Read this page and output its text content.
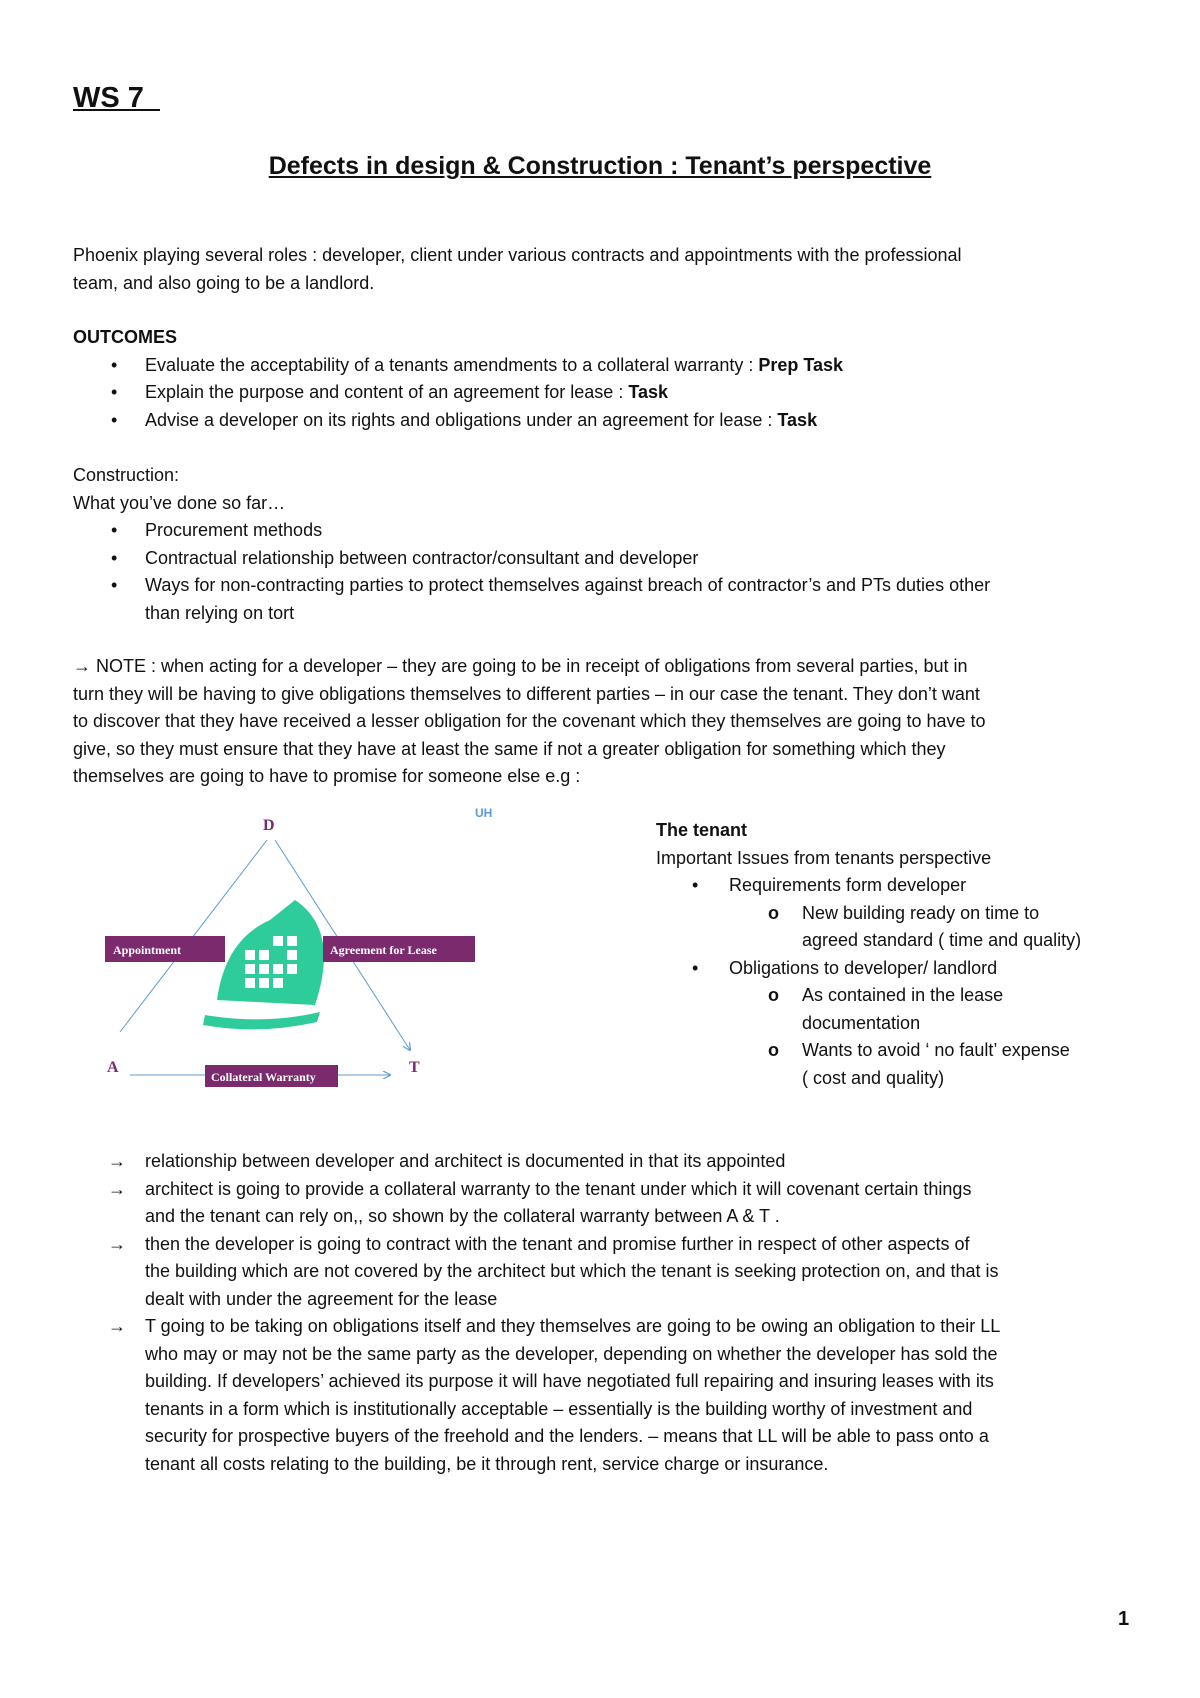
WS 7
Defects in design & Construction : Tenant’s perspective
Phoenix playing several roles : developer, client under various contracts and appointments with the professional
team, and also going to be a landlord.
OUTCOMES
• Evaluate the acceptability of a tenants amendments to a collateral warranty : Prep Task
• Explain the purpose and content of an agreement for lease : Task
• Advise a developer on its rights and obligations under an agreement for lease : Task
Construction:
What you’ve done so far…
• Procurement methods
• Contractual relationship between contractor/consultant and developer
• Ways for non-contracting parties to protect themselves against breach of contractor’s and PTs duties other
than relying on tort
→ NOTE : when acting for a developer – they are going to be in receipt of obligations from several parties, but in
turn they will be having to give obligations themselves to different parties – in our case the tenant. They don’t want
to discover that they have received a lesser obligation for the covenant which they themselves are going to have to
give, so they must ensure that they have at least the same if not a greater obligation for something which they
themselves are going to have to promise for someone else e.g :
Appointment	Agreement for Lease
Collateral Warranty
D
A	T
UH
The tenant
Important Issues from tenants perspective
• Requirements form developer
o New building ready on time to
agreed standard ( time and quality)
• Obligations to developer/ landlord
o As contained in the lease
documentation
o Wants to avoid ‘ no fault’ expense
( cost and quality)
→ relationship between developer and architect is documented in that its appointed
→ architect is going to provide a collateral warranty to the tenant under which it will covenant certain things
and the tenant can rely on,, so shown by the collateral warranty between A & T .
→ then the developer is going to contract with the tenant and promise further in respect of other aspects of
the building which are not covered by the architect but which the tenant is seeking protection on, and that is
dealt with under the agreement for the lease
→ T going to be taking on obligations itself and they themselves are going to be owing an obligation to their LL
who may or may not be the same party as the developer, depending on whether the developer has sold the
building. If developers’ achieved its purpose it will have negotiated full repairing and insuring leases with its
tenants in a form which is institutionally acceptable – essentially is the building worthy of investment and
security for prospective buyers of the freehold and the lenders. – means that LL will be able to pass onto a
tenant all costs relating to the building, be it through rent, service charge or insurance.
1
